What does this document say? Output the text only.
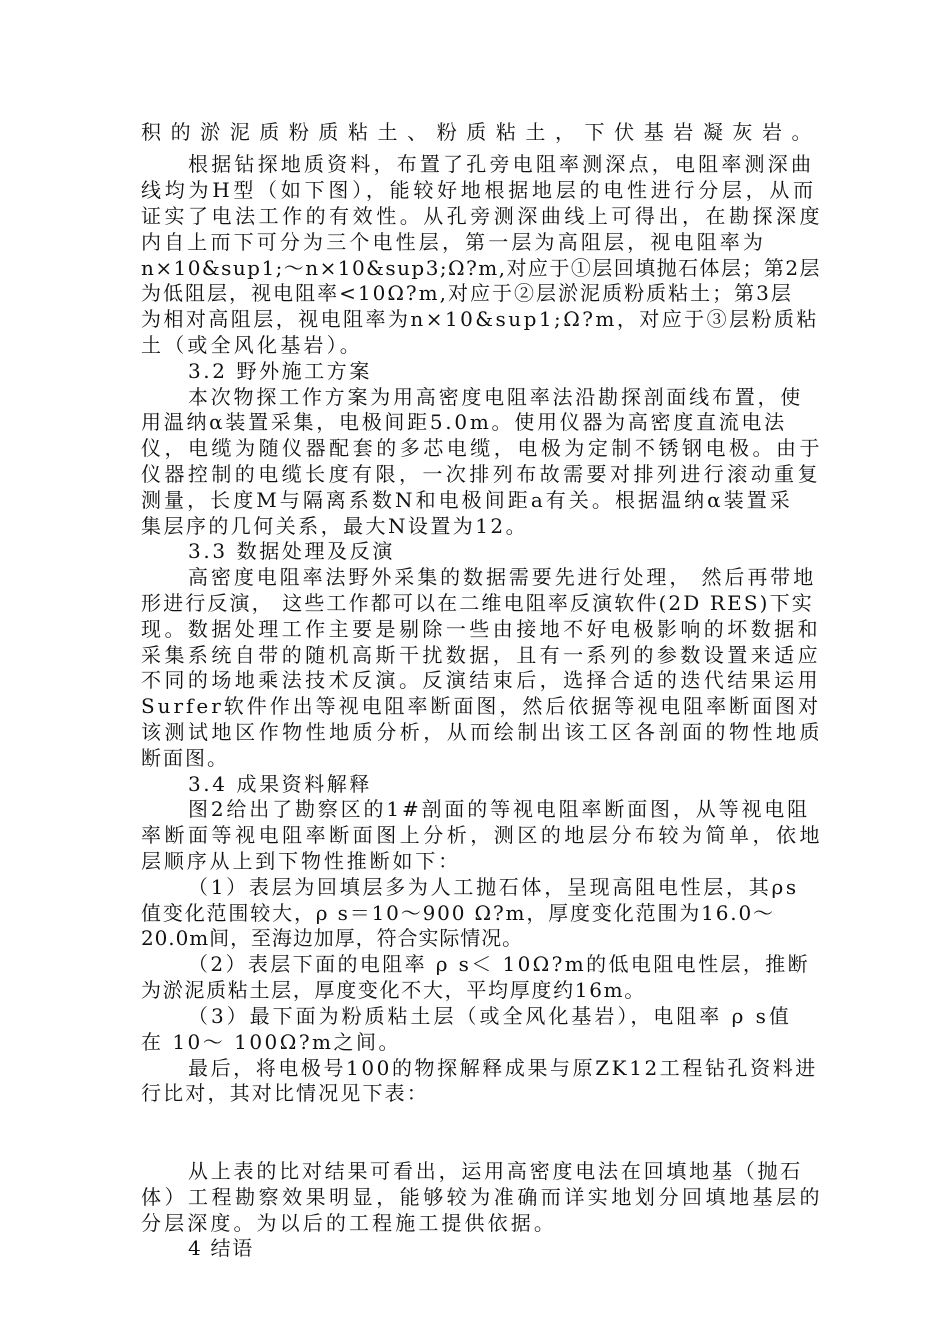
积的淤泥质粉质粘土、粉质粘土，下伏基岩凝灰岩。
根据钻探地质资料，布置了孔旁电阻率测深点，电阻率测深曲
线均为H型（如下图），能较好地根据地层的电性进行分层，从而
证实了电法工作的有效性。从孔旁测深曲线上可得出，在勘探深度
内自上而下可分为三个电性层，第一层为高阻层，视电阻率为
n×10&sup1;～n×10&sup3;Ω?m,对应于①层回填抛石体层；第2层
为低阻层，视电阻率<10Ω?m,对应于②层淤泥质粉质粘土；第3层
为相对高阻层，视电阻率为n×10&sup1;Ω?m，对应于③层粉质粘
土（或全风化基岩）。
3.2 野外施工方案
本次物探工作方案为用高密度电阻率法沿勘探剖面线布置，使
用温纳α装置采集，电极间距5.0m。使用仪器为高密度直流电法
仪，电缆为随仪器配套的多芯电缆，电极为定制不锈钢电极。由于
仪器控制的电缆长度有限，一次排列布故需要对排列进行滚动重复
测量，长度M与隔离系数N和电极间距a有关。根据温纳α装置采
集层序的几何关系，最大N设置为12。
3.3 数据处理及反演
高密度电阻率法野外采集的数据需要先进行处理， 然后再带地
形进行反演， 这些工作都可以在二维电阻率反演软件(2D RES)下实
现。数据处理工作主要是剔除一些由接地不好电极影响的坏数据和
采集系统自带的随机高斯干扰数据，且有一系列的参数设置来适应
不同的场地乘法技术反演。反演结束后，选择合适的迭代结果运用
Surfer软件作出等视电阻率断面图，然后依据等视电阻率断面图对
该测试地区作物性地质分析，从而绘制出该工区各剖面的物性地质
断面图。
3.4 成果资料解释
图2给出了勘察区的1#剖面的等视电阻率断面图，从等视电阻
率断面等视电阻率断面图上分析，测区的地层分布较为简单，依地
层顺序从上到下物性推断如下：
（1）表层为回填层多为人工抛石体，呈现高阻电性层，其ρs
值变化范围较大，ρ s＝10～900 Ω?m，厚度变化范围为16.0～
20.0m间，至海边加厚，符合实际情况。
（2）表层下面的电阻率 ρ s＜ 10Ω?m的低电阻电性层，推断
为淤泥质粘土层，厚度变化不大，平均厚度约16m。
（3）最下面为粉质粘土层（或全风化基岩），电阻率 ρ s值
在 10～ 100Ω?m之间。
最后，将电极号100的物探解释成果与原ZK12工程钻孔资料进
行比对，其对比情况见下表：
从上表的比对结果可看出，运用高密度电法在回填地基（抛石
体）工程勘察效果明显，能够较为准确而详实地划分回填地基层的
分层深度。为以后的工程施工提供依据。
4 结语
